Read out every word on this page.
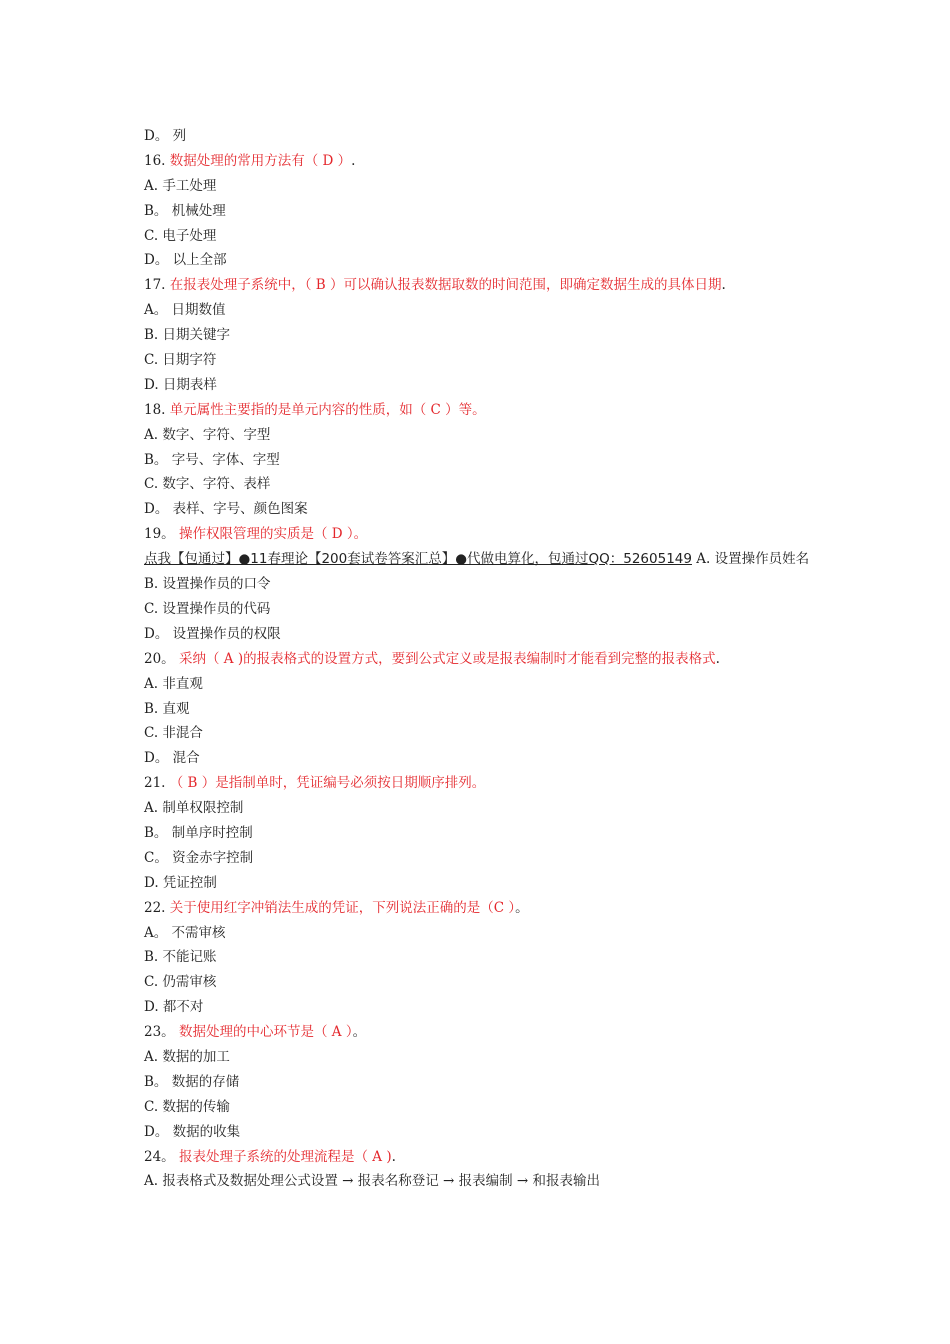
D。 列
16. 数据处理的常用方法有（ D ）.
A. 手工处理
B。 机械处理
C. 电子处理
D。 以上全部
17. 在报表处理子系统中，（ B ）可以确认报表数据取数的时间范围，即确定数据生成的具体日期.
A。 日期数值
B. 日期关键字
C. 日期字符
D. 日期表样
18. 单元属性主要指的是单元内容的性质，如（ C ）等。
A. 数字、字符、字型
B。 字号、字体、字型
C. 数字、字符、表样
D。 表样、字号、颜色图案
19。 操作权限管理的实质是（ D ）。
点我【包通过】●11春理论【200套试卷答案汇总】●代做电算化，包通过QQ：52605149 A. 设置操作员姓名
B. 设置操作员的口令
C. 设置操作员的代码
D。 设置操作员的权限
20。 采纳（ A )的报表格式的设置方式，要到公式定义或是报表编制时才能看到完整的报表格式.
A. 非直观
B. 直观
C. 非混合
D。 混合
21. （ B ）是指制单时，凭证编号必须按日期顺序排列。
A. 制单权限控制
B。 制单序时控制
C。 资金赤字控制
D. 凭证控制
22. 关于使用红字冲销法生成的凭证，下列说法正确的是（C ）。
A。 不需审核
B. 不能记账
C. 仍需审核
D. 都不对
23。 数据处理的中心环节是（ A ）。
A. 数据的加工
B。 数据的存储
C. 数据的传输
D。 数据的收集
24。 报表处理子系统的处理流程是（ A ).
A. 报表格式及数据处理公式设置 → 报表名称登记 → 报表编制 → 和报表输出
